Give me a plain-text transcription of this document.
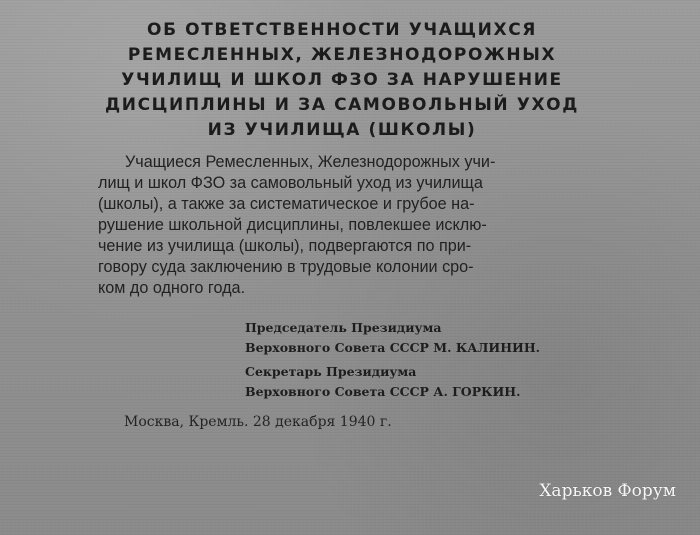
ОБ ОТВЕТСТВЕННОСТИ УЧАЩИХСЯ
РЕМЕСЛЕННЫХ, ЖЕЛЕЗНОДОРОЖНЫХ
УЧИЛИЩ И ШКОЛ ФЗО ЗА НАРУШЕНИЕ
ДИСЦИПЛИНЫ И ЗА САМОВОЛЬНЫЙ УХОД
ИЗ УЧИЛИЩА (ШКОЛЫ)

Учащиеся Ремесленных, Железнодорожных учи-
лищ и школ ФЗО за самовольный уход из училища
(школы), а также за систематическое и грубое на-
рушение школьной дисциплины, повлекшее исклю-
чение из училища (школы), подвергаются по при-
говору суда заключению в трудовые колонии сро-
ком до одного года.

Председатель Президиума
Верховного Совета СССР М. КАЛИНИН.
Секретарь Президиума
Верховного Совета СССР А. ГОРКИН.
Москва, Кремль. 28 декабря 1940 г.
Харьков Форум
